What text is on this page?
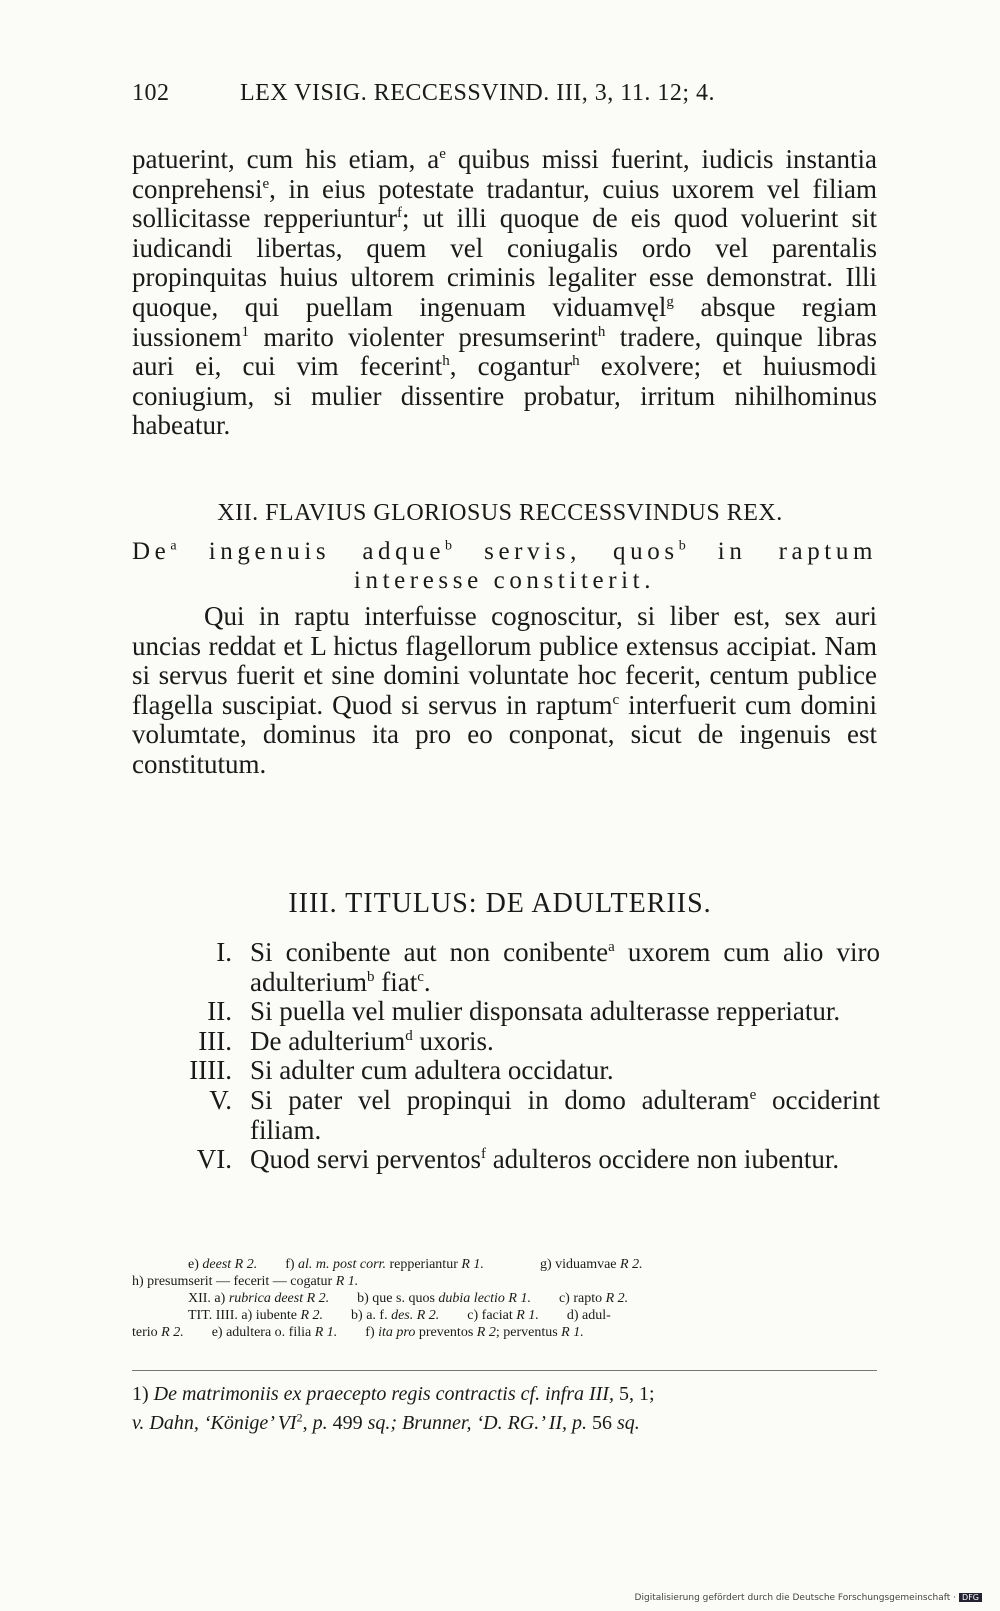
102	LEX VISIG. RECCESSVIND. III, 3, 11. 12; 4.

patuerint, cum his etiam, $a^e$ quibus missi fuerint, iudicis instantia conprehensi$^e$, in eius potestate tradantur, cuius uxorem vel filiam sollicitasse repperiuntur$^f$; ut illi quoque de eis quod voluerint sit iudicandi libertas, quem vel coniugalis ordo vel parentalis propinquitas huius ultorem criminis legaliter esse demonstrat. Illi quoque, qui puellam ingenuam viduamvęl$^g$ absque regiam iussionem$^1$ marito violenter presumserint$^h$ tradere, quinque libras auri ei, cui vim fecerint$^h$, cogantur$^h$ exolvere; et huiusmodi coniugium, si mulier dissentire probatur, irritum nihilhominus habeatur.

XII. FLAVIUS GLORIOSUS RECCESSVINDUS REX.

De$^a$ ingenuis adque$^b$ servis, quos$^b$ in raptum interesse constiterit.

Qui in raptu interfuisse cognoscitur, si liber est, sex auri uncias reddat et L hictus flagellorum publice extensus accipiat. Nam si servus fuerit et sine domini voluntate hoc fecerit, centum publice flagella suscipiat. Quod si servus in raptum$^c$ interfuerit cum domini volumtate, dominus ita pro eo conponat, sicut de ingenuis est constitutum.

IIII. TITULUS: DE ADULTERIIS.
I. Si conibente aut non conibente$^a$ uxorem cum alio viro adulterium$^b$ fiat$^c$.
II. Si puella vel mulier disponsata adulterasse repperiatur.
III. De adulterium$^d$ uxoris.
IIII. Si adulter cum adultera occidatur.
V. Si pater vel propinqui in domo adulteram$^e$ occiderint filiam.
VI. Quod servi perventos$^f$ adulteros occidere non iubentur.
    e) deest R 2.  f) al. m. post corr. repperiantur R 1.    g) viduamvae R 2.
h) presumserit — fecerit — cogatur R 1.
    XII. a) rubrica deest R 2.  b) que s. quos dubia lectio R 1.  c) rapto R 2.
    TIT. IIII. a) iubente R 2.  b) a. f. des. R 2.  c) faciat R 1.  d) adul-
terio R 2.  e) adultera o. filia R 1.  f) ita pro preventos R 2; perventus R 1.
1) De matrimoniis ex praecepto regis contractis cf. infra III, 5, 1;
v. Dahn, ‘Könige’ $VI^2$, p. 499 sq.; Brunner, ‘D. RG.’ II, p. 56 sq.
Digitalisierung gefördert durch die Deutsche Forschungsgemeinschaft · DFG
